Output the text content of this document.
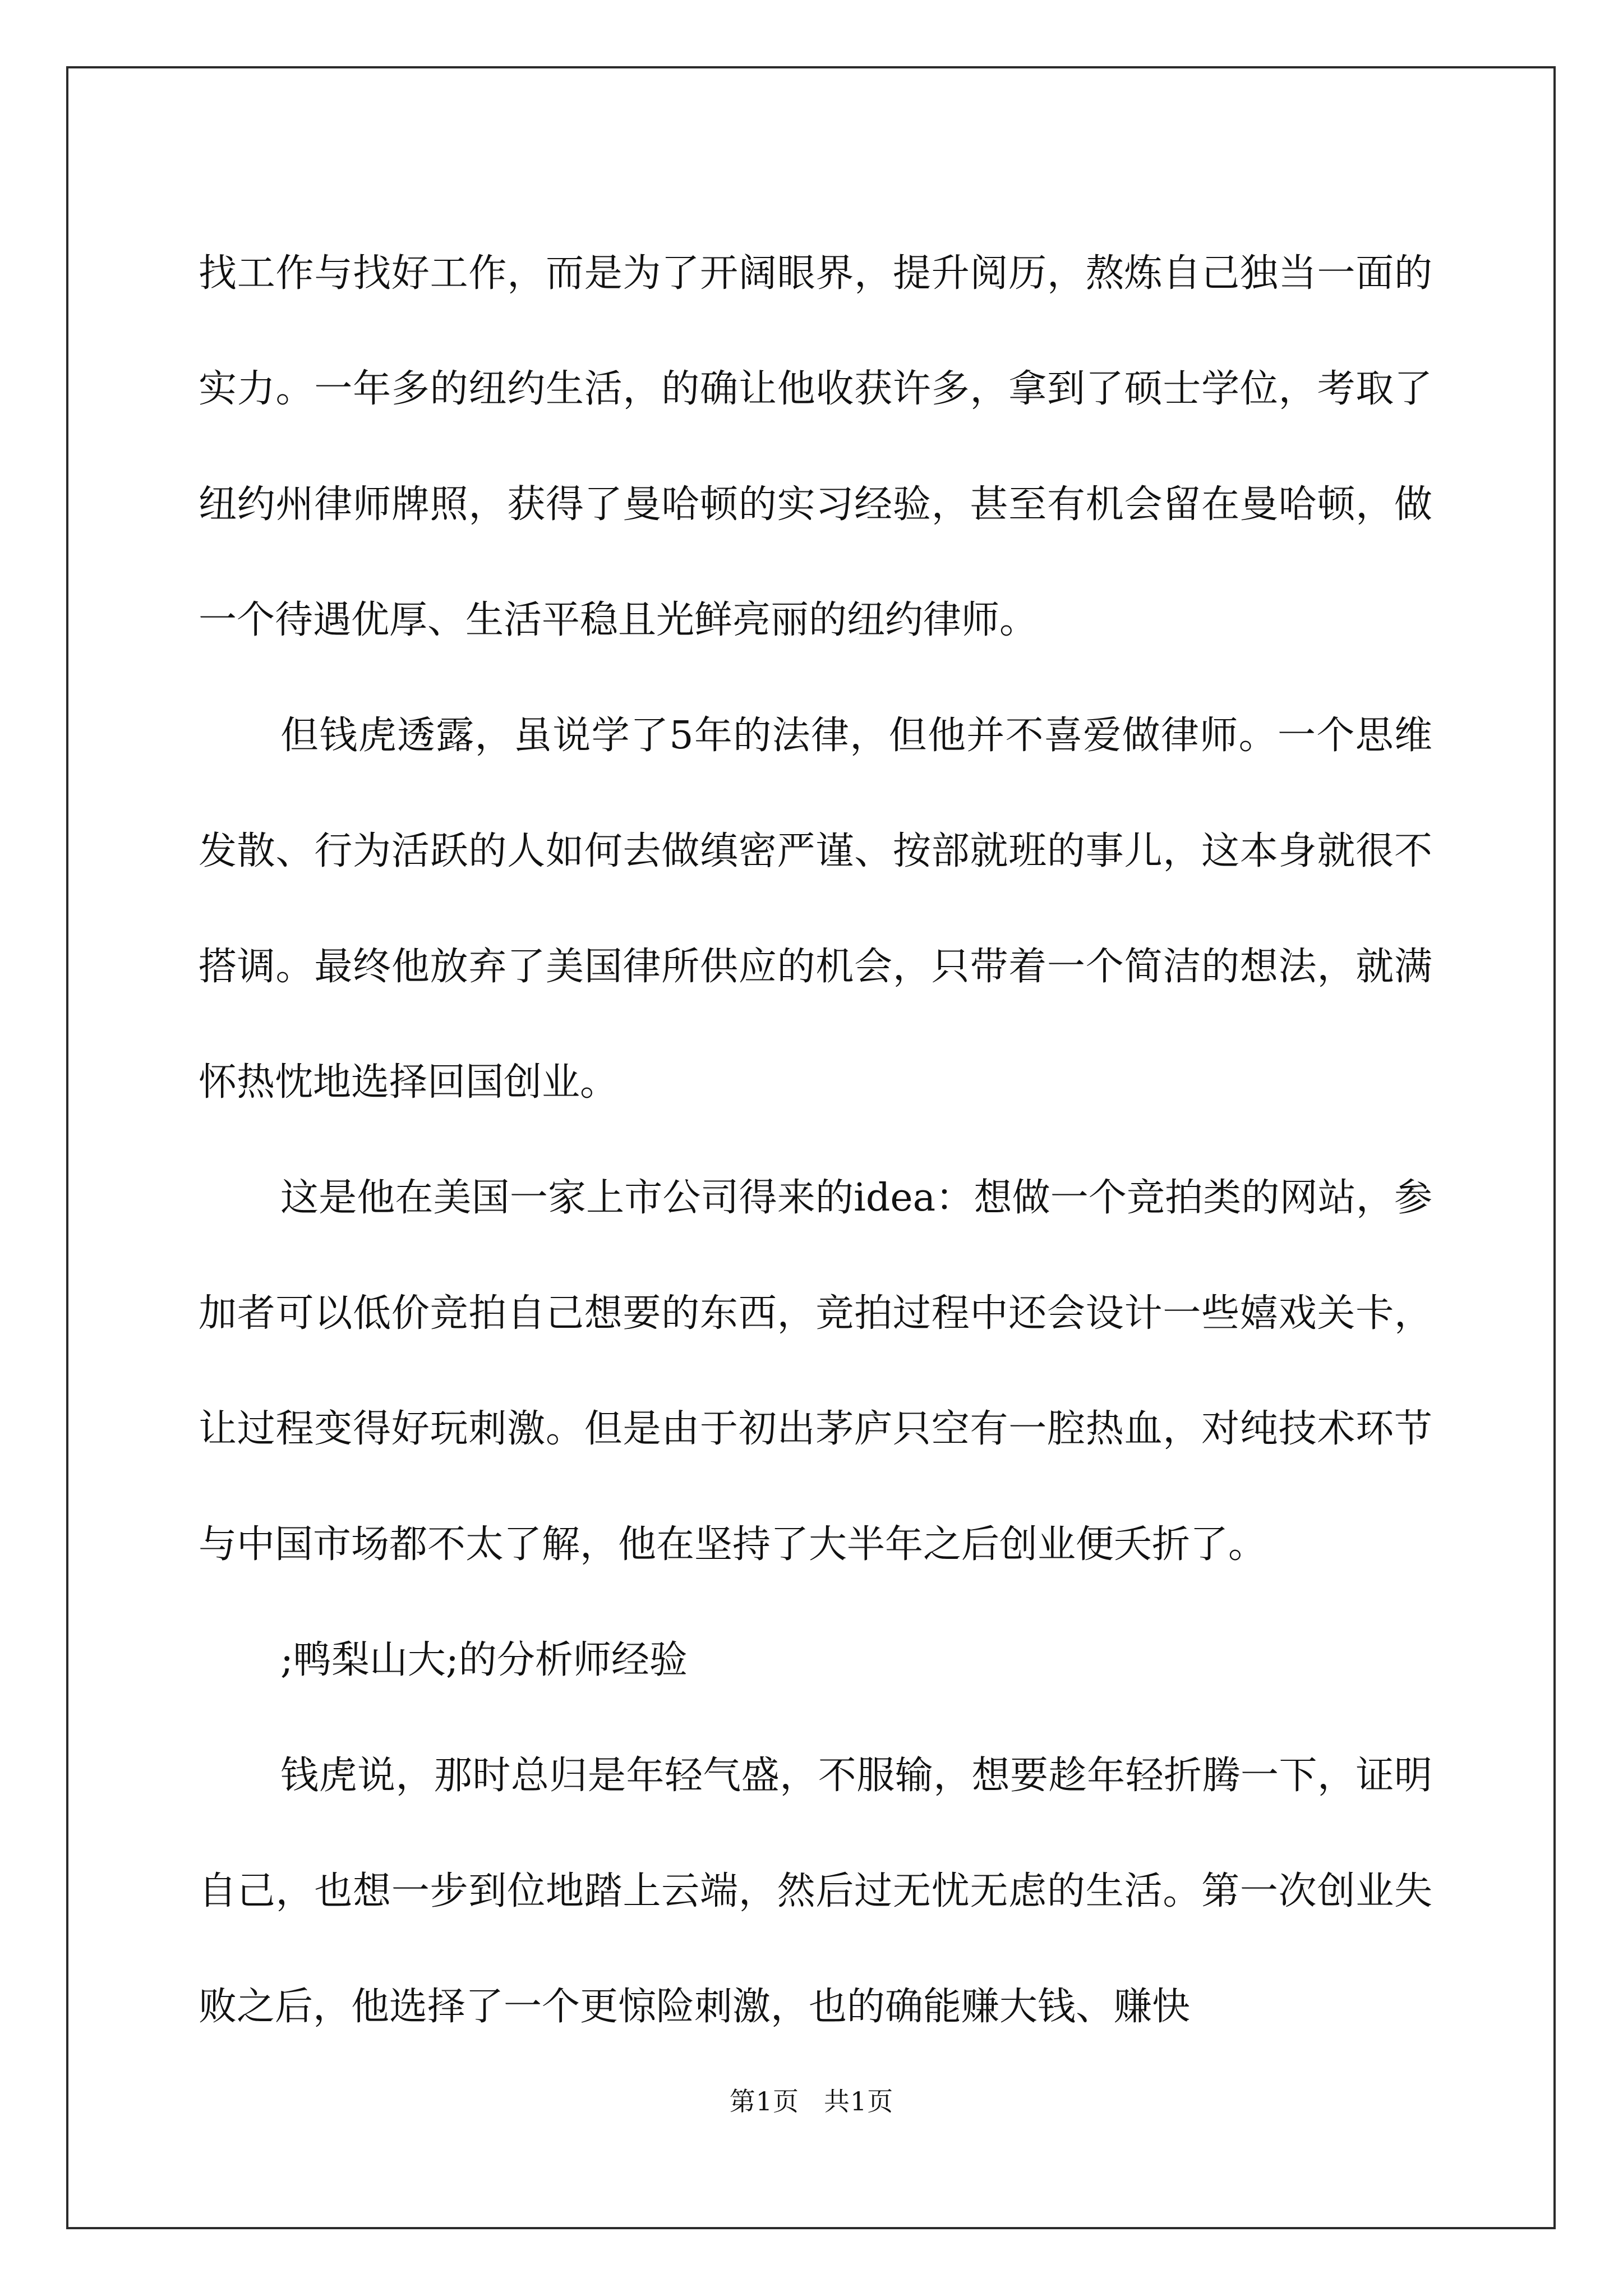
找工作与找好工作，而是为了开阔眼界，提升阅历，熬炼自己独当一面的实力。一年多的纽约生活，的确让他收获许多，拿到了硕士学位，考取了纽约州律师牌照，获得了曼哈顿的实习经验，甚至有机会留在曼哈顿，做一个待遇优厚、生活平稳且光鲜亮丽的纽约律师。

但钱虎透露，虽说学了5年的法律，但他并不喜爱做律师。一个思维发散、行为活跃的人如何去做缜密严谨、按部就班的事儿，这本身就很不搭调。最终他放弃了美国律所供应的机会，只带着一个简洁的想法，就满怀热忱地选择回国创业。

这是他在美国一家上市公司得来的idea：想做一个竞拍类的网站，参加者可以低价竞拍自己想要的东西，竞拍过程中还会设计一些嬉戏关卡，让过程变得好玩刺激。但是由于初出茅庐只空有一腔热血，对纯技术环节与中国市场都不太了解，他在坚持了大半年之后创业便夭折了。

;鸭梨山大;的分析师经验

钱虎说，那时总归是年轻气盛，不服输，想要趁年轻折腾一下，证明自己，也想一步到位地踏上云端，然后过无忧无虑的生活。第一次创业失败之后，他选择了一个更惊险刺激，也的确能赚大钱、赚快

第1页 共1页
